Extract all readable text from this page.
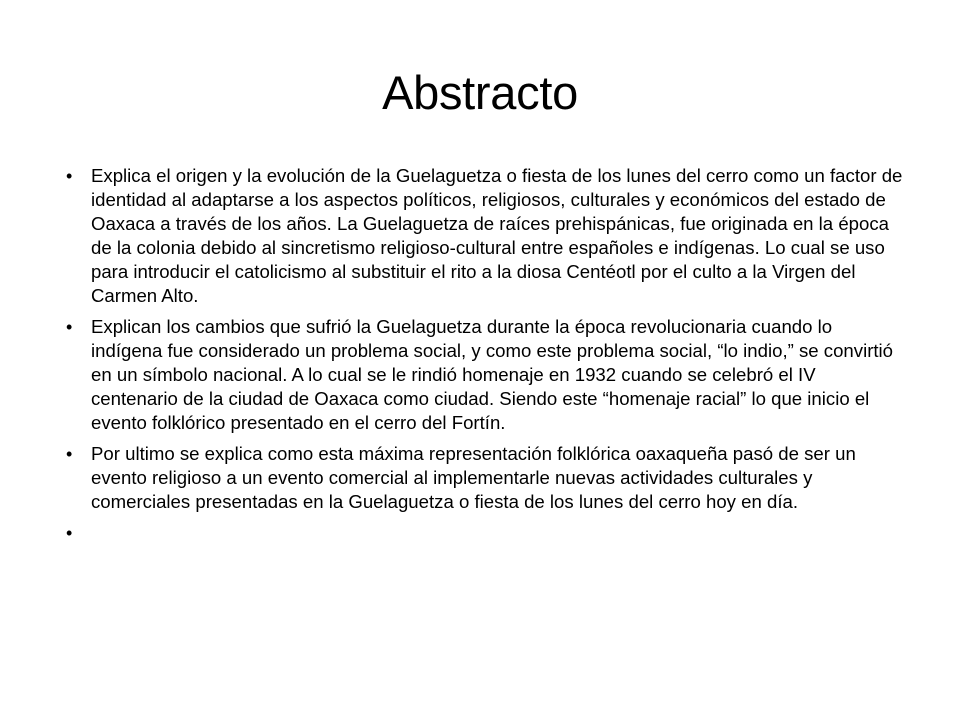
Abstracto
• Explica el origen y la evolución de la Guelaguetza o fiesta de los lunes del cerro como un factor de identidad al adaptarse a los aspectos políticos, religiosos, culturales y económicos del estado de Oaxaca a través de los años. La Guelaguetza de raíces prehispánicas, fue originada en la época de la colonia debido al sincretismo religioso-cultural entre españoles e indígenas. Lo cual se uso para introducir el catolicismo al substituir el rito a la diosa Centéotl por el culto a la Virgen del Carmen Alto.
• Explican los cambios que sufrió la Guelaguetza durante la época revolucionaria cuando lo indígena fue considerado un problema social, y como este problema social, “lo indio,” se convirtió en un símbolo nacional. A lo cual se le rindió homenaje en 1932 cuando se celebró el IV centenario de la ciudad de Oaxaca como ciudad. Siendo este “homenaje racial” lo que inicio el evento folklórico presentado en el cerro del Fortín.
• Por ultimo se explica como esta máxima representación folklórica oaxaqueña pasó de ser un evento religioso a un evento comercial al implementarle nuevas actividades culturales y comerciales presentadas en la Guelaguetza o fiesta de los lunes del cerro hoy en día.
•
